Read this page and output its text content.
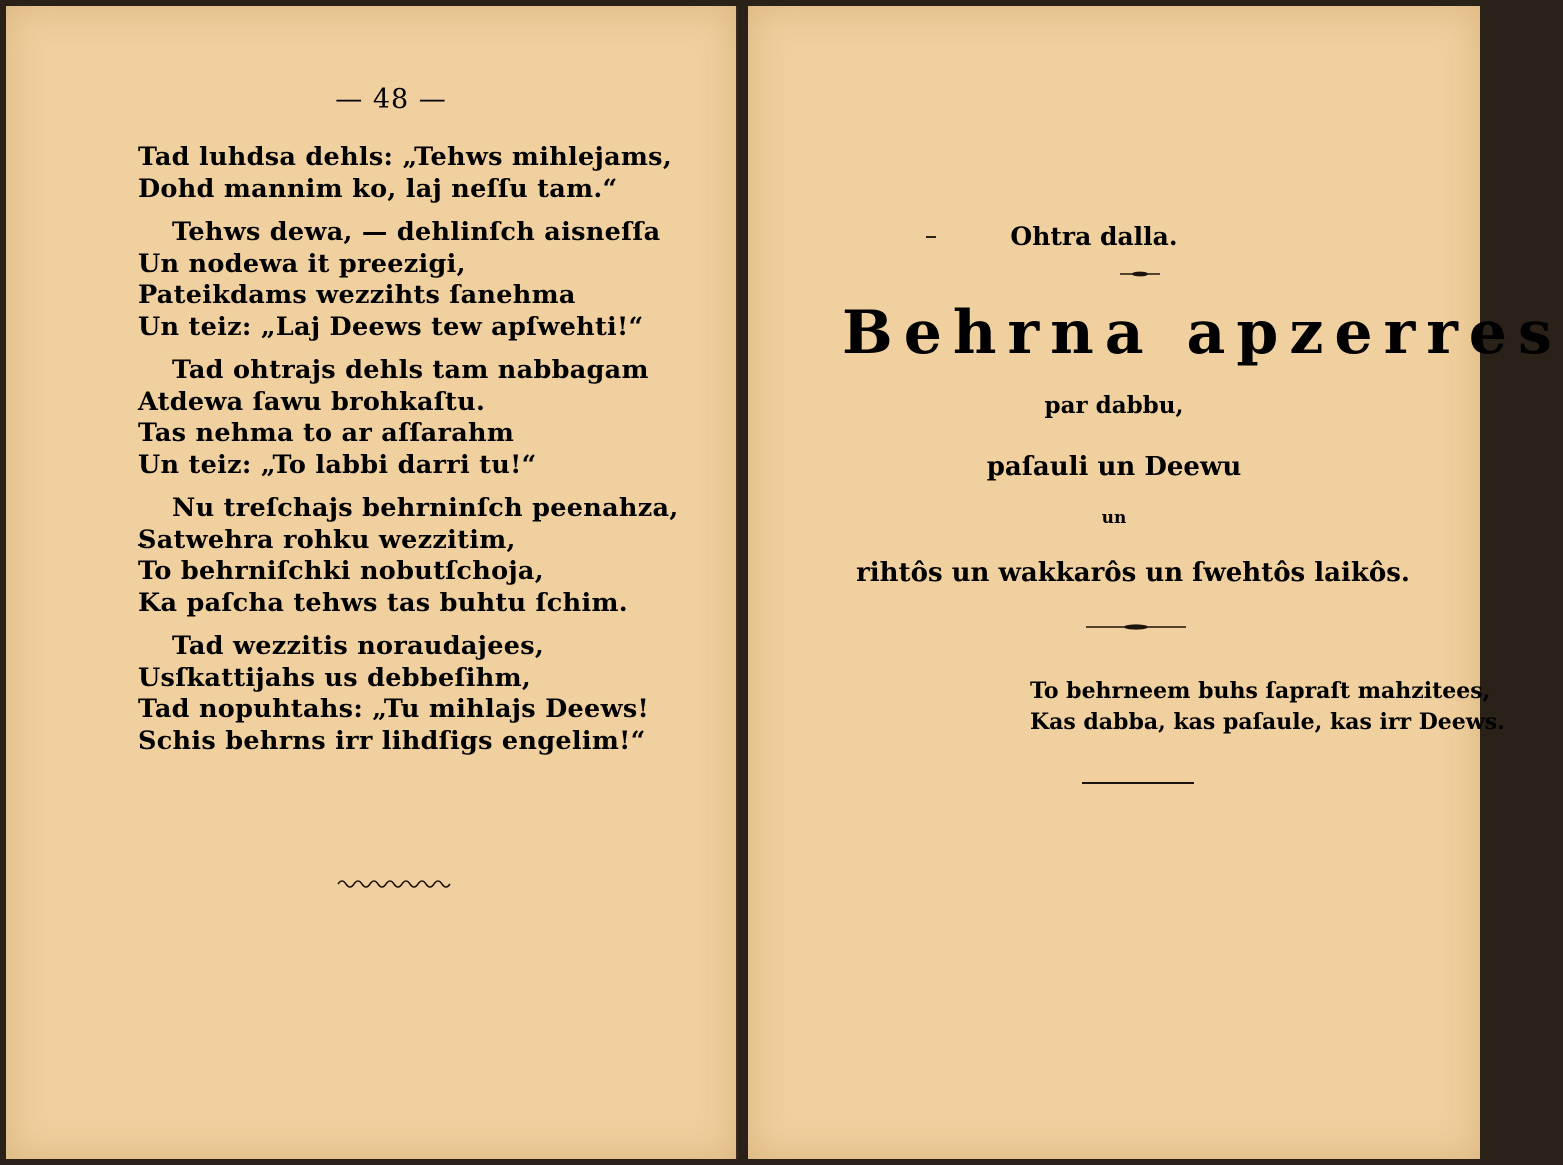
— 48 —
Tad luhdsa dehls: „Tehws mihlejams,
Dohd mannim ko, laj neſſu tam.“
Tehws dewa, — dehlinſch aisneſſa
Un nodewa it preezigi,
Pateikdams wezzihts ſanehma
Un teiz: „Laj Deews tew apſwehti!“
Tad ohtrajs dehls tam nabbagam
Atdewa ſawu brohkaſtu.
Tas nehma to ar aſſarahm
Un teiz: „To labbi darri tu!“
Nu treſchajs behrninſch peenahza,
Satwehra rohku wezzitim,
To behrniſchki nobutſchoja,
Ka paſcha tehws tas buhtu ſchim.
Tad wezzitis noraudajees,
Usſkattijahs us debbeſihm,
Tad nopuhtahs: „Tu mihlajs Deews!
Schis behrns irr lihdſigs engelim!“
Ohtra dalla.
Behrna apzerres
par dabbu,
paſauli un Deewu
un
rihtôs un wakkarôs un ſwehtôs laikôs.
To behrneem buhs ſapraſt mahzitees,
Kas dabba, kas paſaule, kas irr Deews.
